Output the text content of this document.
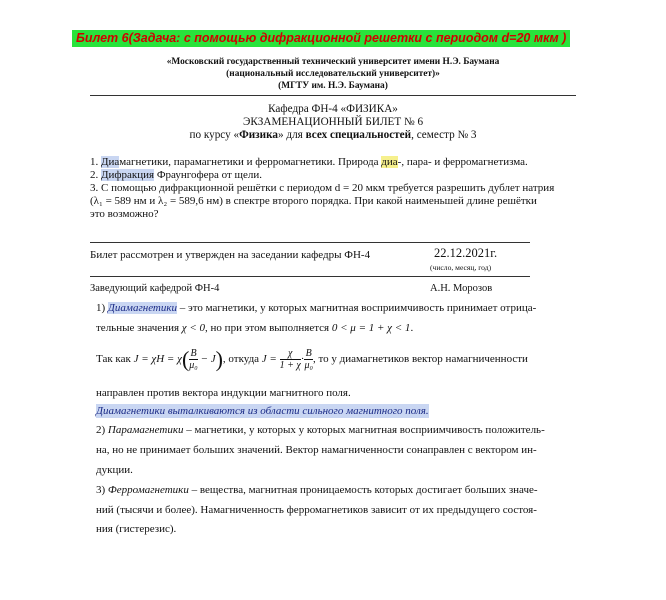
Билет 6(Задача: с помощью дифракционной решетки с периодом d=20 мкм )
«Московский государственный технический университет имени Н.Э. Баумана
(национальный исследовательский университет)»
(МГТУ им. Н.Э. Баумана)
Кафедра ФН-4 «ФИЗИКА»
ЭКЗАМЕНАЦИОННЫЙ БИЛЕТ № 6
по курсу «Физика» для всех специальностей, семестр № 3
1. Диамагнетики, парамагнетики и ферромагнетики. Природа диа-, пара- и ферромагнетизма.
2. Дифракция Фраунгофера от щели.
3. С помощью дифракционной решётки с периодом d = 20 мкм требуется разрешить дублет натрия
(λ₁ = 589 нм и λ₂ = 589,6 нм) в спектре второго порядка. При какой наименьшей длине решётки
это возможно?
Билет рассмотрен и утвержден на заседании кафедры ФН-4	22.12.2021г.
(число, месяц, год)
Заведующий кафедрой ФН-4	А.Н. Морозов
1) Диамагнетики – это магнетики, у которых магнитная восприимчивость принимает отрица-
тельные значения χ < 0, но при этом выполняется 0 < μ = 1 + χ < 1.
Так как $J = \chi H = \chi( \frac{B}{\text{μ₀}} - J)$, откуда $J = \frac{\chi}{1 + \chi} \cdot \frac{B}{\text{μ₀}}$ , то у диамагнетиков вектор намагниченности
направлен против вектора индукции магнитного поля.
Диамагнетики выталкиваются из области сильного магнитного поля.
2) Парамагнетики – магнетики, у которых у которых магнитная восприимчивость положитель-
на, но не принимает больших значений. Вектор намагниченности сонаправлен с вектором ин-
дукции.
3) Ферромагнетики – вещества, магнитная проницаемость которых достигает больших значе-
ний (тысячи и более). Намагниченность ферромагнетиков зависит от их предыдущего состоя-
ния (гистерезис).
